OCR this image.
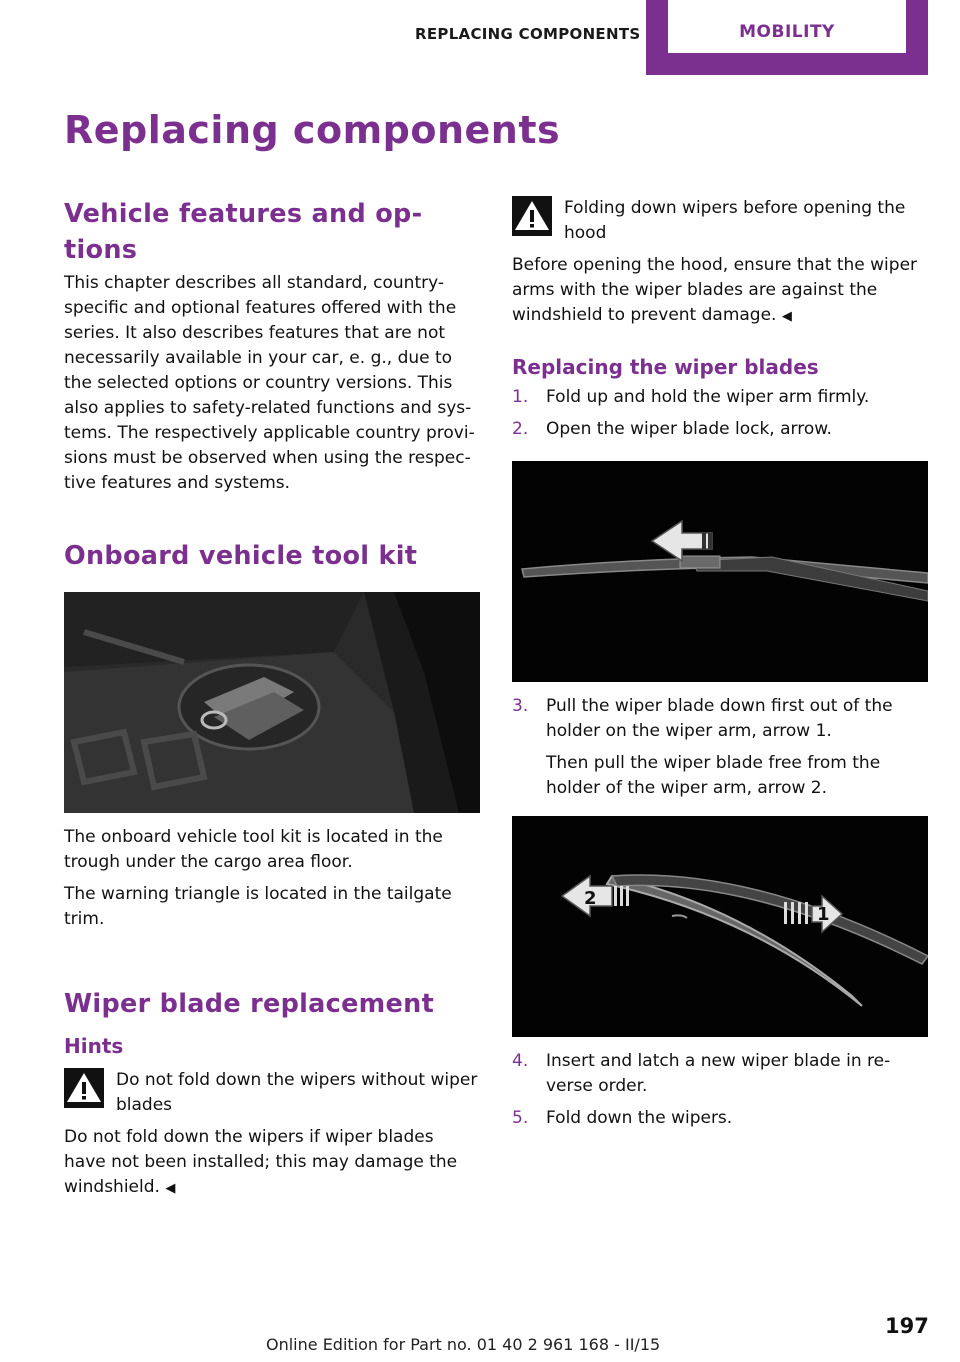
REPLACING COMPONENTS	MOBILITY
Replacing components
Vehicle features and op‐
tions

This chapter describes all standard, country-specific and optional features offered with the series. It also describes features that are not necessarily available in your car, e. g., due to the selected options or country versions. This also applies to safety-related functions and sys‐tems. The respectively applicable country provi‐sions must be observed when using the respec‐tive features and systems.

Onboard vehicle tool kit

The onboard vehicle tool kit is located in the trough under the cargo area floor.

The warning triangle is located in the tailgate trim.

Wiper blade replacement
Hints

Do not fold down the wipers without wiper blades

Do not fold down the wipers if wiper blades have not been installed; this may damage the windshield. ◀

Folding down wipers before opening the hood

Before opening the hood, ensure that the wiper arms with the wiper blades are against the windshield to prevent damage. ◀

Replacing the wiper blades
1. Fold up and hold the wiper arm firmly.

2. Open the wiper blade lock, arrow.

3. Pull the wiper blade down first out of the holder on the wiper arm, arrow 1.

Then pull the wiper blade free from the holder of the wiper arm, arrow 2.

2
1
4. Insert and latch a new wiper blade in re‐verse order.

5. Fold down the wipers.

197
Online Edition for Part no. 01 40 2 961 168 - II/15
